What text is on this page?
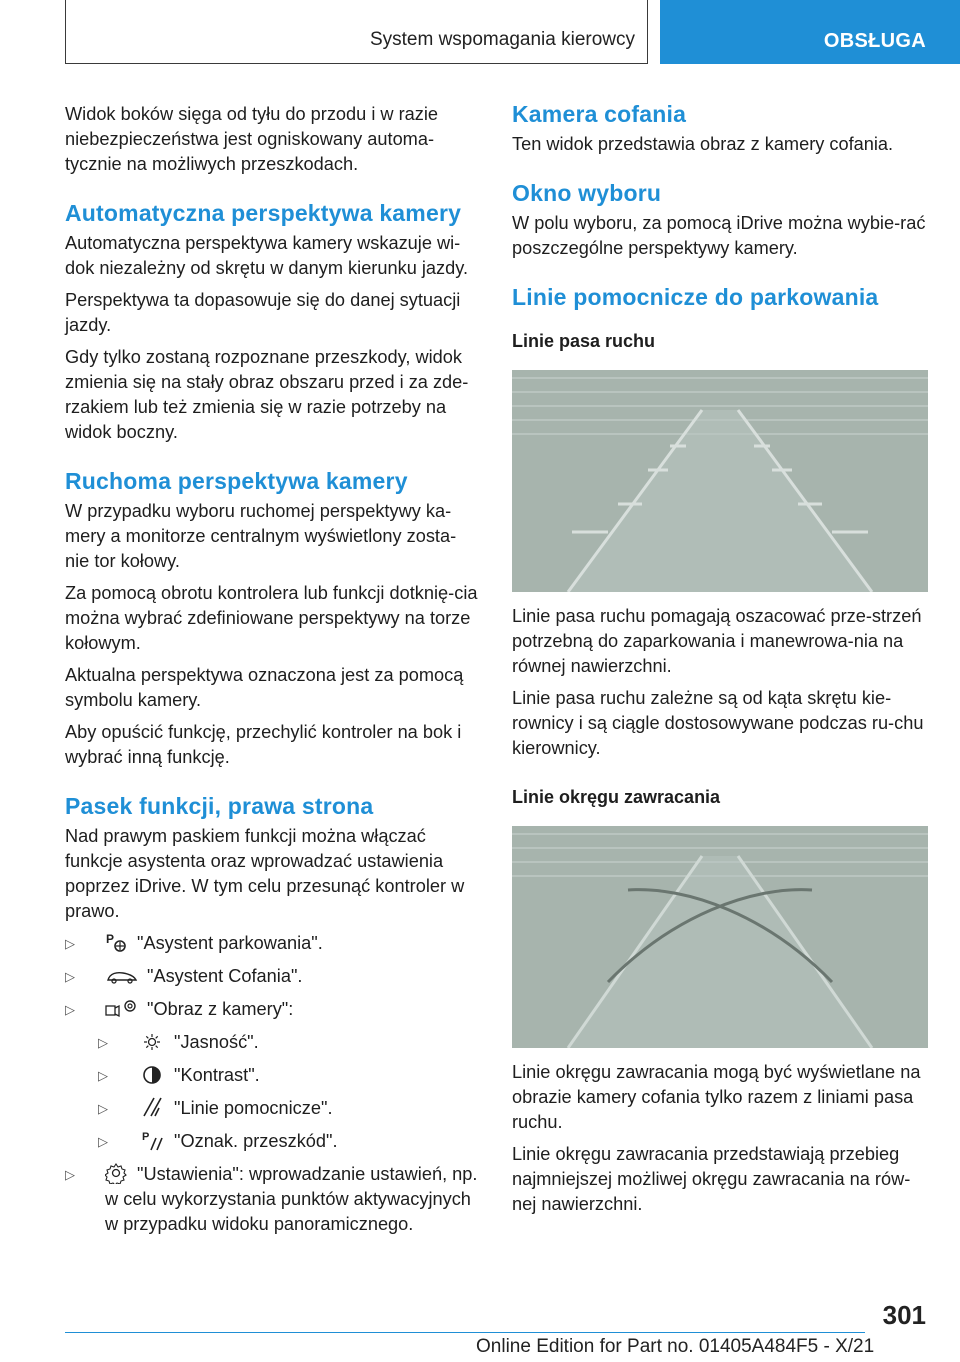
System wspomagania kierowcy	OBSŁUGA

Widok boków sięga od tyłu do przodu i w razie niebezpieczeństwa jest ogniskowany automa-tycznie na możliwych przeszkodach.

Automatyczna perspektywa kamery

Automatyczna perspektywa kamery wskazuje wi-dok niezależny od skrętu w danym kierunku jazdy.

Perspektywa ta dopasowuje się do danej sytuacji jazdy.

Gdy tylko zostaną rozpoznane przeszkody, widok zmienia się na stały obraz obszaru przed i za zde-rzakiem lub też zmienia się w razie potrzeby na widok boczny.

Ruchoma perspektywa kamery

W przypadku wyboru ruchomej perspektywy ka-mery a monitorze centralnym wyświetlony zosta-nie tor kołowy.

Za pomocą obrotu kontrolera lub funkcji dotknię-cia można wybrać zdefiniowane perspektywy na torze kołowym.

Aktualna perspektywa oznaczona jest za pomocą symbolu kamery.

Aby opuścić funkcję, przechylić kontroler na bok i wybrać inną funkcję.

Pasek funkcji, prawa strona

Nad prawym paskiem funkcji można włączać funkcje asystenta oraz wprowadzać ustawienia poprzez iDrive. W tym celu przesunąć kontroler w prawo.

▷	P "Asystent parkowania".
▷	"Asystent Cofania".
▷	"Obraz z kamery":
▷	"Jasność".
▷	"Kontrast".
▷	"Linie pomocnicze".
▷	P "Oznak. przeszkód".
▷	"Ustawienia": wprowadzanie ustawień, np. w celu wykorzystania punktów aktywacyjnych w przypadku widoku panoramicznego.
Kamera cofania

Ten widok przedstawia obraz z kamery cofania.

Okno wyboru

W polu wyboru, za pomocą iDrive można wybie-rać poszczególne perspektywy kamery.

Linie pomocnicze do parkowania
Linie pasa ruchu

Linie pasa ruchu pomagają oszacować prze-strzeń potrzebną do zaparkowania i manewrowa-nia na równej nawierzchni.

Linie pasa ruchu zależne są od kąta skrętu kie-rownicy i są ciągle dostosowywane podczas ru-chu kierownicy.

Linie okręgu zawracania

Linie okręgu zawracania mogą być wyświetlane na obrazie kamery cofania tylko razem z liniami pasa ruchu.

Linie okręgu zawracania przedstawiają przebieg najmniejszej możliwej okręgu zawracania na rów-nej nawierzchni.

301
Online Edition for Part no. 01405A484F5 - X/21
